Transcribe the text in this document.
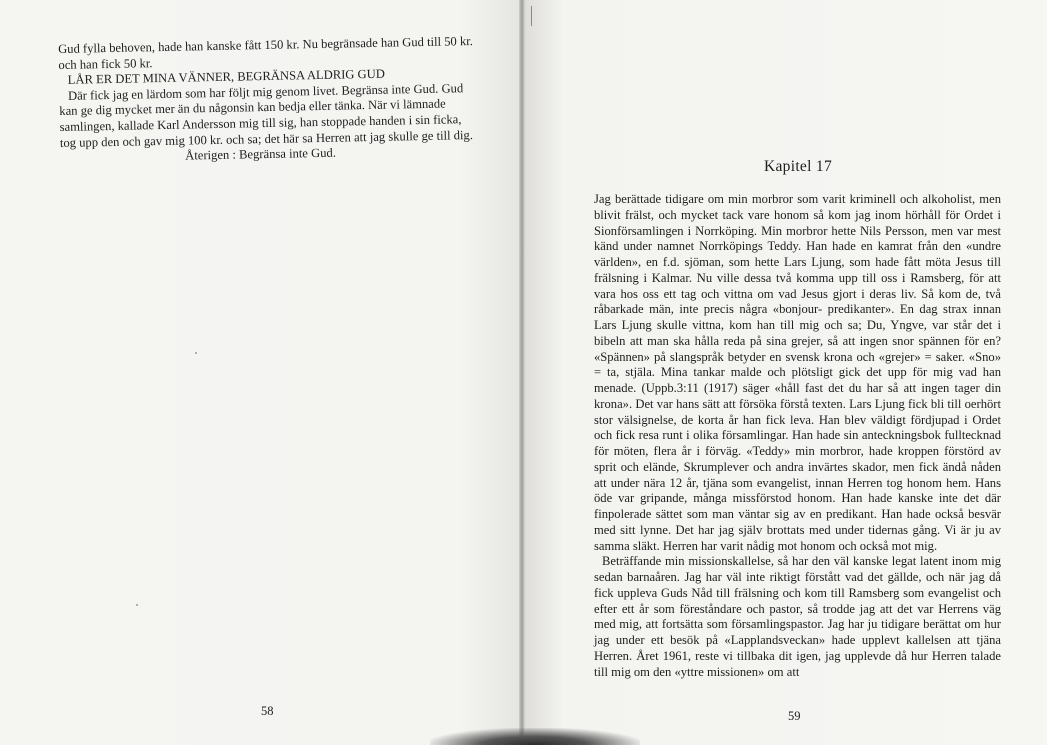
Gud fylla behoven, hade han kanske fått 150 kr. Nu begränsade han Gud till 50 kr. och han fick 50 kr.

LÅR ER DET MINA VÄNNER, BEGRÄNSA ALDRIG GUD

Där fick jag en lärdom som har följt mig genom livet. Begränsa inte Gud. Gud kan ge dig mycket mer än du någonsin kan bedja eller tänka. När vi lämnade samlingen, kallade Karl Andersson mig till sig, han stoppade handen i sin ficka, tog upp den och gav mig 100 kr. och sa; det här sa Herren att jag skulle ge till dig.

Återigen : Begränsa inte Gud.

58
Kapitel 17

Jag berättade tidigare om min morbror som varit kriminell och alkoholist, men blivit frälst, och mycket tack vare honom så kom jag inom hörhåll för Ordet i Sionförsamlingen i Norrköping. Min morbror hette Nils Persson, men var mest känd under namnet Norrköpings Teddy. Han hade en kamrat från den «undre världen», en f.d. sjöman, som hette Lars Ljung, som hade fått möta Jesus till frälsning i Kalmar. Nu ville dessa två komma upp till oss i Ramsberg, för att vara hos oss ett tag och vittna om vad Jesus gjort i deras liv. Så kom de, två råbarkade män, inte precis några «bonjour- predikanter». En dag strax innan Lars Ljung skulle vittna, kom han till mig och sa; Du, Yngve, var står det i bibeln att man ska hålla reda på sina grejer, så att ingen snor spännen för en? «Spännen» på slangspråk betyder en svensk krona och «grejer» = saker. «Sno» = ta, stjäla. Mina tankar malde och plötsligt gick det upp för mig vad han menade. (Uppb.3:11 (1917) säger «håll fast det du har så att ingen tager din krona». Det var hans sätt att försöka förstå texten. Lars Ljung fick bli till oerhört stor välsignelse, de korta år han fick leva. Han blev väldigt fördjupad i Ordet och fick resa runt i olika församlingar. Han hade sin anteckningsbok fulltecknad för möten, flera år i förväg. «Teddy» min morbror, hade kroppen förstörd av sprit och elände, Skrumplever och andra invärtes skador, men fick ändå nåden att under nära 12 år, tjäna som evangelist, innan Herren tog honom hem. Hans öde var gripande, många missförstod honom. Han hade kanske inte det där finpolerade sättet som man väntar sig av en predikant. Han hade också besvär med sitt lynne. Det har jag själv brottats med under tidernas gång. Vi är ju av samma släkt. Herren har varit nådig mot honom och också mot mig.

Beträffande min missionskallelse, så har den väl kanske legat latent inom mig sedan barnaåren. Jag har väl inte riktigt förstått vad det gällde, och när jag då fick uppleva Guds Nåd till frälsning och kom till Ramsberg som evangelist och efter ett år som föreståndare och pastor, så trodde jag att det var Herrens väg med mig, att fortsätta som församlingspastor. Jag har ju tidigare berättat om hur jag under ett besök på «Lapplandsveckan» hade upplevt kallelsen att tjäna Herren. Året 1961, reste vi tillbaka dit igen, jag upplevde då hur Herren talade till mig om den «yttre missionen» om att

59
